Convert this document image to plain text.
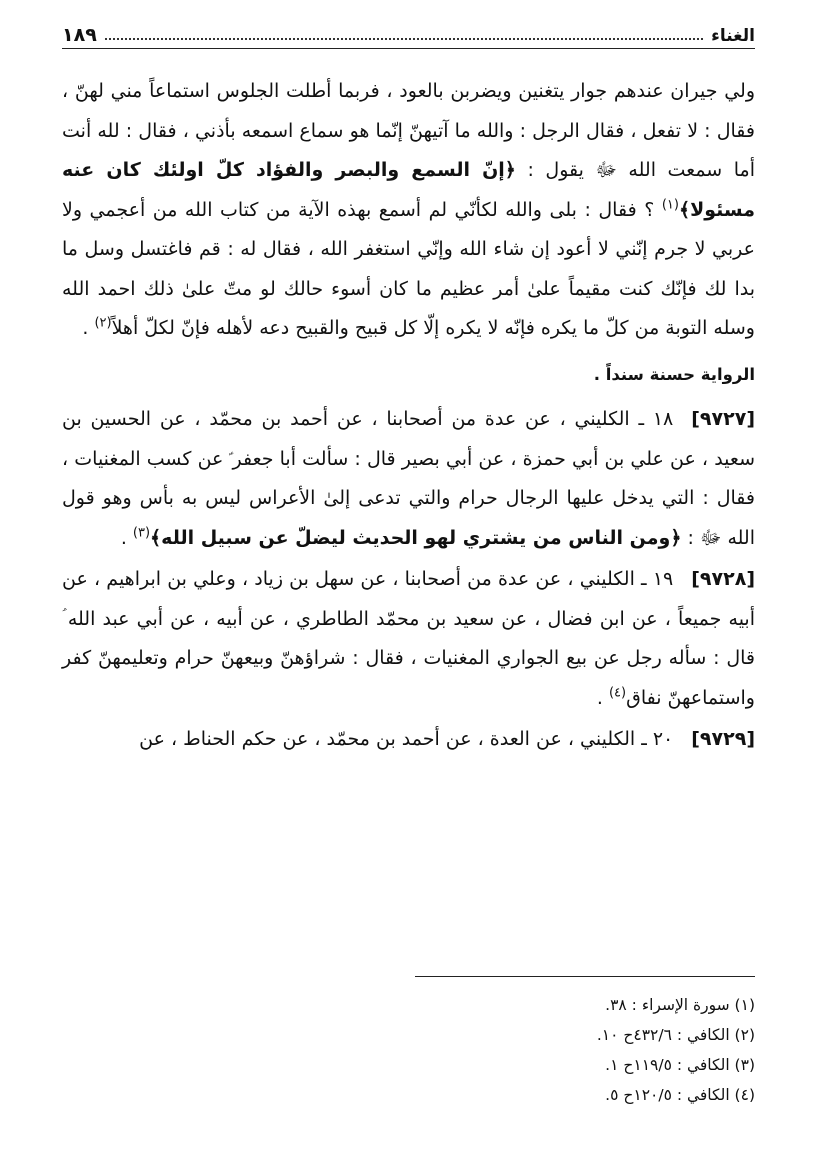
١٨٩	الغناء

ولي جيران عندهم جوار يتغنين ويضربن بالعود ، فربما أطلت الجلوس استماعاً مني لهنّ ، فقال : لا تفعل ، فقال الرجل : والله ما آتيهنّ إنّما هو سماع اسمعه بأذني ، فقال : لله أنت أما سمعت الله ﷻ يقول : ﴿إنّ السمع والبصر والفؤاد كلّ اولئك كان عنه مسئولا﴾$^{(١)}$ ؟ فقال : بلى والله لكأنّي لم أسمع بهذه الآية من كتاب الله من أعجمي ولا عربي لا جرم إنّني لا أعود إن شاء الله وإنّي استغفر الله ، فقال له : قم فاغتسل وسل ما بدا لك فإنّك كنت مقيماً علىٰ أمر عظيم ما كان أسوء حالك لو متّ علىٰ ذلك احمد الله وسله التوبة من كلّ ما يكره فإنّه لا يكره إلّا كل قبيح والقبيح دعه لأهله فإنّ لكلّ أهلاً$^{(٢)}$ .

الرواية حسنة سنداً .

[٩٧٢٧]١٨ ـ الكليني ، عن عدة من أصحابنا ، عن أحمد بن محمّد ، عن الحسين بن سعيد ، عن علي بن أبي حمزة ، عن أبي بصير قال : سألت أبا جعفر ؑ عن كسب المغنيات ، فقال : التي يدخل عليها الرجال حرام والتي تدعى إلىٰ الأعراس ليس به بأس وهو قول الله ﷻ : ﴿ومن الناس من يشتري لهو الحديث ليضلّ عن سبيل الله﴾$^{(٣)}$ .

[٩٧٢٨]١٩ ـ الكليني ، عن عدة من أصحابنا ، عن سهل بن زياد ، وعلي بن ابراهيم ، عن أبيه جميعاً ، عن ابن فضال ، عن سعيد بن محمّد الطاطري ، عن أبيه ، عن أبي عبد الله ؑ قال : سأله رجل عن بيع الجواري المغنيات ، فقال : شراؤهنّ وبيعهنّ حرام وتعليمهنّ كفر واستماعهنّ نفاق$^{(٤)}$ .

[٩٧٢٩]٢٠ ـ الكليني ، عن العدة ، عن أحمد بن محمّد ، عن حكم الحناط ، عن

(١) سورة الإسراء : ٣٨.
(٢) الكافي : ٤٣٢/٦ح ١٠.
(٣) الكافي : ١١٩/٥ح ١.
(٤) الكافي : ١٢٠/٥ح ٥.
